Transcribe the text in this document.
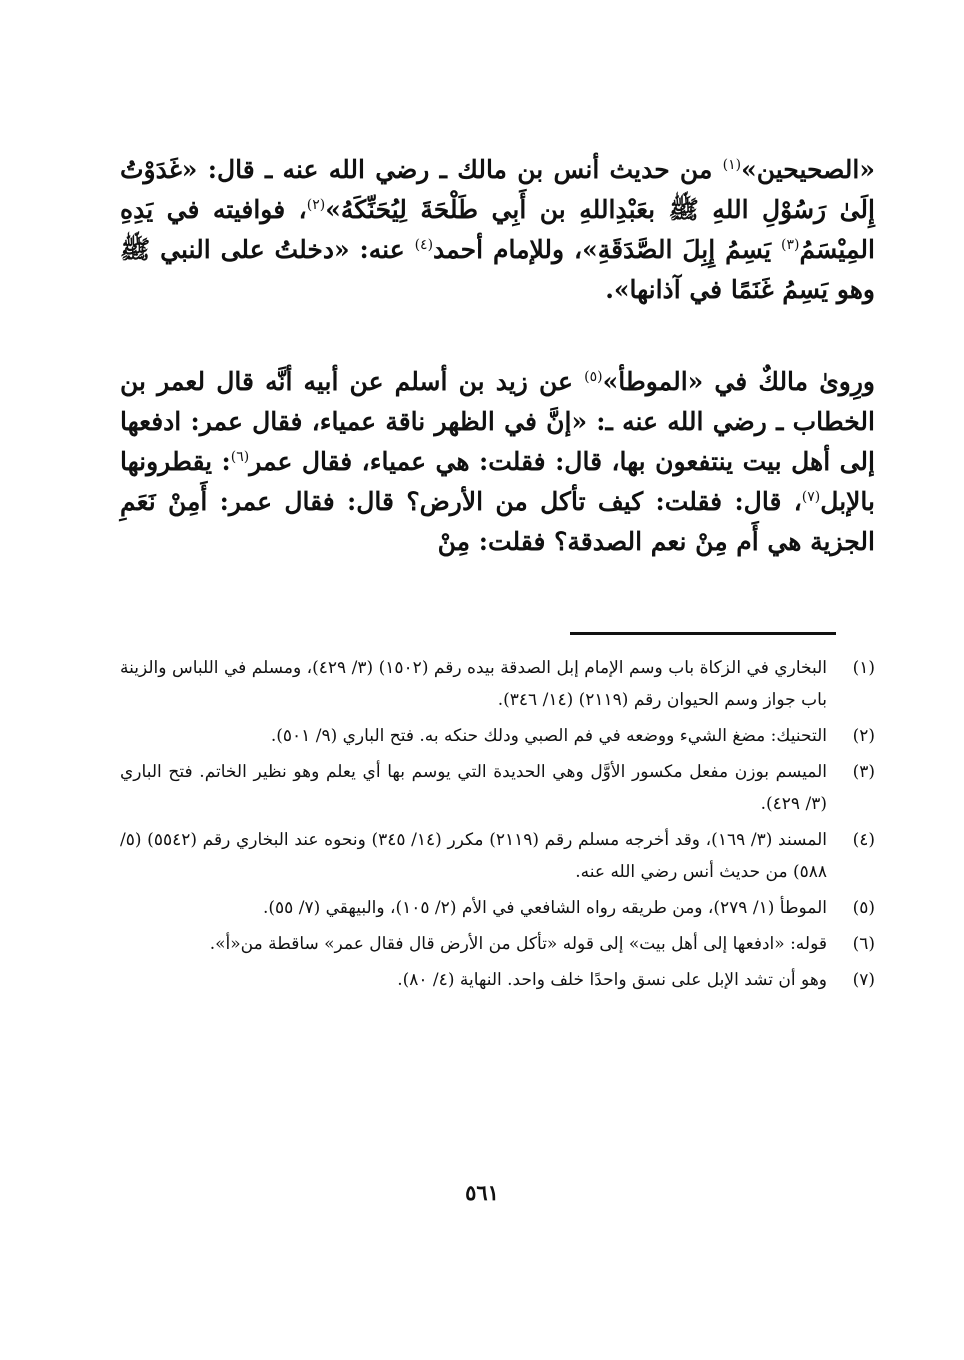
«الصحيحين»$^{(١)}$ من حديث أنس بن مالك ـ رضي الله عنه ـ قال: «غَدَوْتُ إِلَىٰ رَسُوْلِ اللهِ ﷺ بعَبْدِاللهِ بن أَبِي طَلْحَةَ لِيُحَنِّكَهُ»$^{(٢)}$، فوافيته في يَدِهِ المِيْسَمُ$^{(٣)}$ يَسِمُ إِبِلَ الصَّدَقَةِ»، وللإمام أحمد$^{(٤)}$ عنه: «دخلتُ على النبي ﷺ وهو يَسِمُ غَنَمًا في آذانها».

ورِوىٰ مالكٌ في «الموطأ»$^{(٥)}$ عن زيد بن أسلم عن أبيه أنَّه قال لعمر بن الخطاب ـ رضي الله عنه ـ: «إنَّ في الظهر ناقة عمياء، فقال عمر: ادفعها إلى أهل بيت ينتفعون بها، قال: فقلت: هي عمياء، فقال عمر$^{(٦)}$: يقطرونها بالإبل$^{(٧)}$، قال: فقلت: كيف تأكل من الأرض؟ قال: فقال عمر: أَمِنْ نَعَمِ الجزية هي أَم مِنْ نعم الصدقة؟ فقلت: مِنْ

(١)
البخاري في الزكاة باب وسم الإمام إبل الصدقة بيده رقم (١٥٠٢) (٣/ ٤٢٩)، ومسلم في اللباس والزينة باب جواز وسم الحيوان رقم (٢١١٩) (١٤/ ٣٤٦).
(٢)
التحنيك: مضغ الشيء ووضعه في فم الصبي ودلك حنكه به. فتح الباري (٩/ ٥٠١).
(٣)
الميسم بوزن مفعل مكسور الأوَّل وهي الحديدة التي يوسم بها أي يعلم وهو نظير الخاتم. فتح الباري (٣/ ٤٢٩).
(٤)
المسند (٣/ ١٦٩)، وقد أخرجه مسلم رقم (٢١١٩) مكرر (١٤/ ٣٤٥) ونحوه عند البخاري رقم (٥٥٤٢) (٥/ ٥٨٨) من حديث أنس رضي الله عنه.
(٥)
الموطأ (١/ ٢٧٩)، ومن طريقه رواه الشافعي في الأم (٢/ ١٠٥)، والبيهقي (٧/ ٥٥).
(٦)
قوله: «ادفعها إلى أهل بيت» إلى قوله «تأكل من الأرض قال فقال عمر» ساقطة من«أ».
(٧)
وهو أن تشد الإبل على نسق واحدًا خلف واحد. النهاية (٤/ ٨٠).
٥٦١
